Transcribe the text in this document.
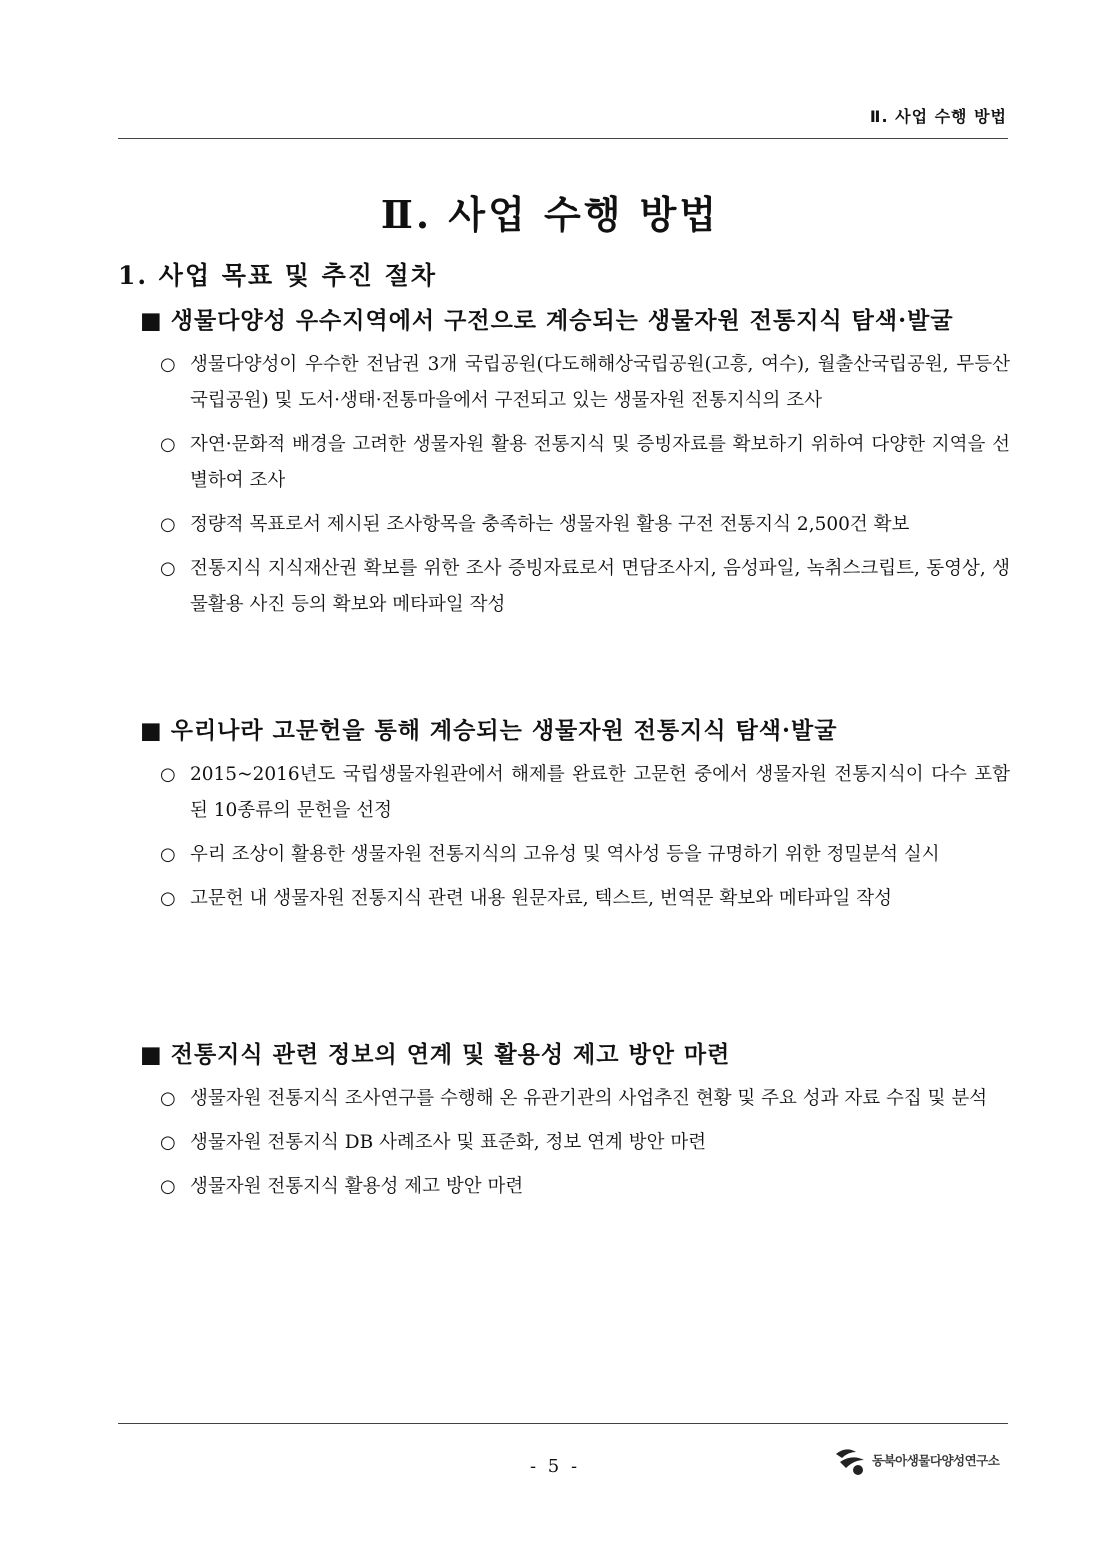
Ⅱ. 사업 수행 방법
Ⅱ. 사업 수행 방법
1. 사업 목표 및 추진 절차
■ 생물다양성 우수지역에서 구전으로 계승되는 생물자원 전통지식 탐색·발굴
○ 생물다양성이 우수한 전남권 3개 국립공원(다도해해상국립공원(고흥, 여수), 월출산국립공원, 무등산국립공원) 및 도서·생태·전통마을에서 구전되고 있는 생물자원 전통지식의 조사
○ 자연·문화적 배경을 고려한 생물자원 활용 전통지식 및 증빙자료를 확보하기 위하여 다양한 지역을 선별하여 조사
○ 정량적 목표로서 제시된 조사항목을 충족하는 생물자원 활용 구전 전통지식 2,500건 확보
○ 전통지식 지식재산권 확보를 위한 조사 증빙자료로서 면담조사지, 음성파일, 녹취스크립트, 동영상, 생물활용 사진 등의 확보와 메타파일 작성
■ 우리나라 고문헌을 통해 계승되는 생물자원 전통지식 탐색·발굴
○ 2015~2016년도 국립생물자원관에서 해제를 완료한 고문헌 중에서 생물자원 전통지식이 다수 포함된 10종류의 문헌을 선정
○ 우리 조상이 활용한 생물자원 전통지식의 고유성 및 역사성 등을 규명하기 위한 정밀분석 실시
○ 고문헌 내 생물자원 전통지식 관련 내용 원문자료, 텍스트, 번역문 확보와 메타파일 작성
■ 전통지식 관련 정보의 연계 및 활용성 제고 방안 마련
○ 생물자원 전통지식 조사연구를 수행해 온 유관기관의 사업추진 현황 및 주요 성과 자료 수집 및 분석
○ 생물자원 전통지식 DB 사례조사 및 표준화, 정보 연계 방안 마련
○ 생물자원 전통지식 활용성 제고 방안 마련
- 5 -	동북아생물다양성연구소
